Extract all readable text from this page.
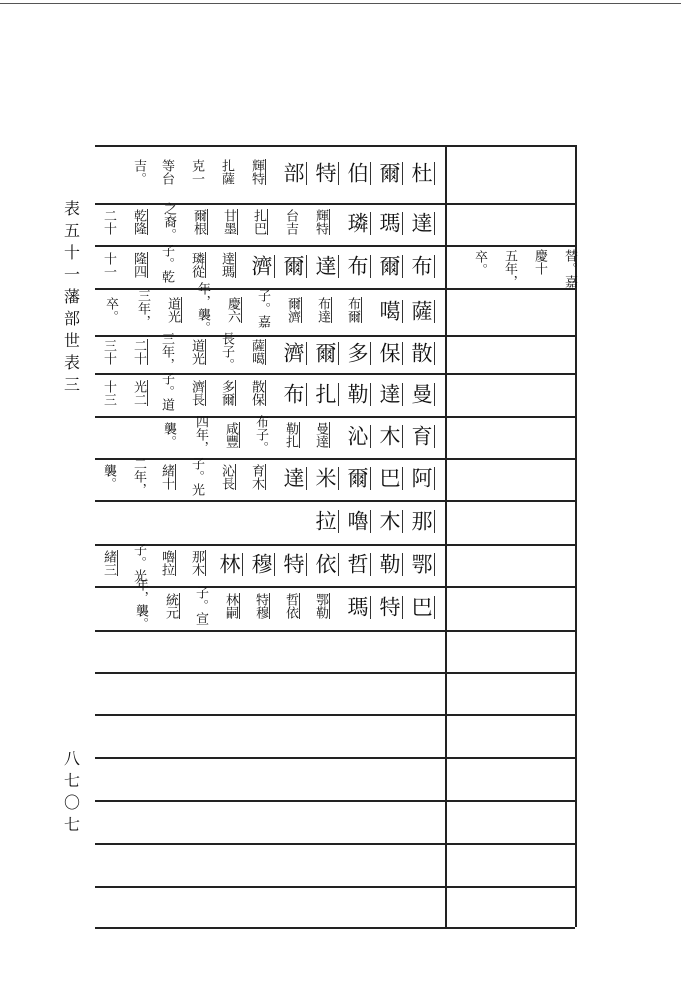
表五十一　藩部世表三
八七〇七
杜
爾
伯
特
部
輝特
扎薩
克一
等台
吉。
達
瑪
璘
輝特
台吉
扎巴
甘墨
爾根
之裔。
乾隆
二十
布
爾
布
達
爾
濟
達瑪
璘從
子。乾
隆四
十一
薩
噶
布爾
布達
爾濟
子。嘉
慶六
年，襲。
道光
三年，
卒。
散
保
多
爾
濟
薩噶
長子。
道光
三年，
二十
三十
曼
達
勒
扎
布
散保
多爾
濟長
子。道
光二
十三
育
木
沁
曼達
勒扎
布子。
咸豐
四年，
襲。
阿
巴
爾
米
達
育木
沁長
子。光
緒十
二年，
襲。
那
木
嚕
拉
鄂
勒
哲
依
特
穆
林
那木
嚕拉
子。光
緒三
巴
特
瑪
鄂勒
哲依
特穆
林嗣
子。宣
統元
年，襲。
替。嘉
慶十
五年，
卒。
